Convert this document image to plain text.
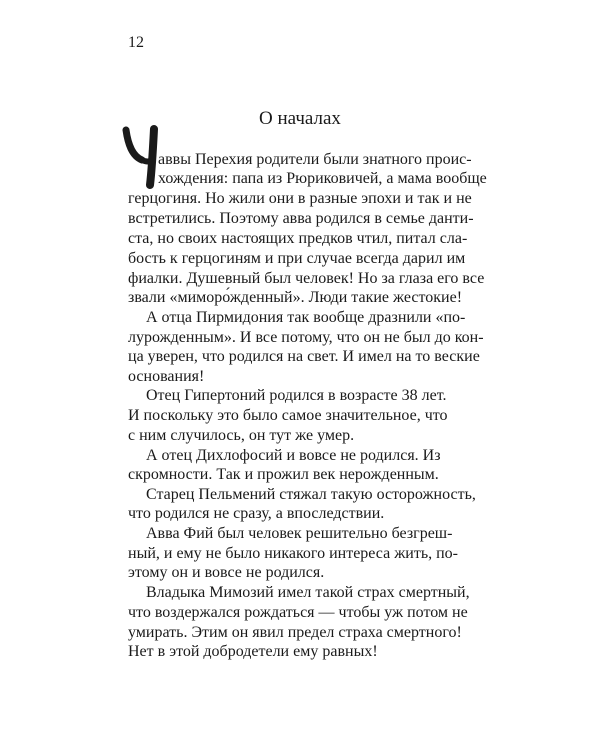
12
О началах
аввы Перехия родители были знатного проис-
хождения: папа из Рюриковичей, а мама вообще
герцогиня. Но жили они в разные эпохи и так и не
встретились. Поэтому авва родился в семье данти-
ста, но своих настоящих предков чтил, питал сла-
бость к герцогиням и при случае всегда дарил им
фиалки. Душевный был человек! Но за глаза его все
звали «миморо́жденный». Люди такие жестокие!
А отца Пирмидония так вообще дразнили «по-
лурожденным». И все потому, что он не был до кон-
ца уверен, что родился на свет. И имел на то веские
основания!
Отец Гипертоний родился в возрасте 38 лет.
И поскольку это было самое значительное, что
с ним случилось, он тут же умер.
А отец Дихлофосий и вовсе не родился. Из
скромности. Так и прожил век нерожденным.
Старец Пельмений стяжал такую осторожность,
что родился не сразу, а впоследствии.
Авва Фий был человек решительно безгреш-
ный, и ему не было никакого интереса жить, по-
этому он и вовсе не родился.
Владыка Мимозий имел такой страх смертный,
что воздержался рождаться — чтобы уж потом не
умирать. Этим он явил предел страха смертного!
Нет в этой добродетели ему равных!
